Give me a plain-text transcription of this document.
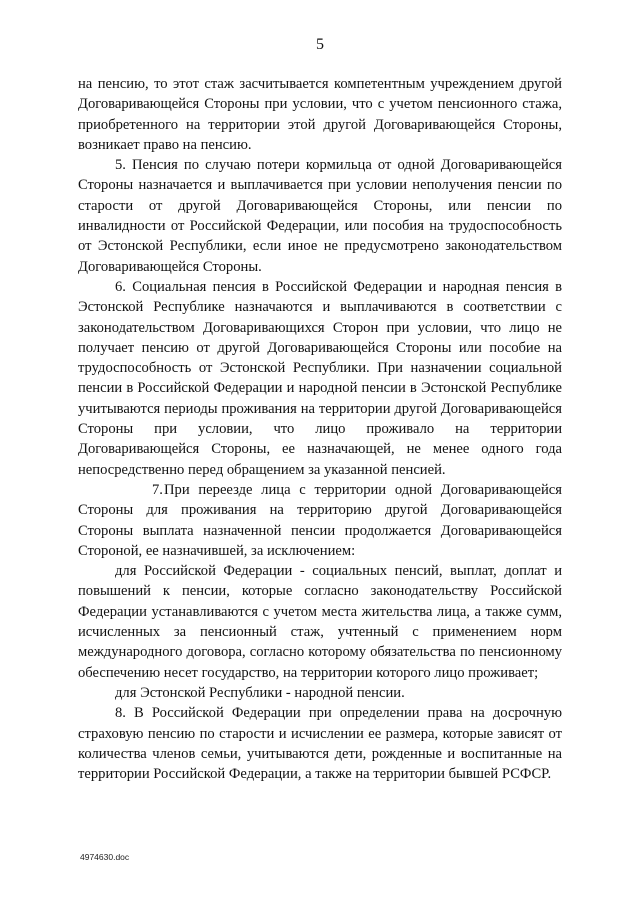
5

на пенсию, то этот стаж засчитывается компетентным учреждением другой Договаривающейся Стороны при условии, что с учетом пенсионного стажа, приобретенного на территории этой другой Договаривающейся Стороны, возникает право на пенсию.

5. Пенсия по случаю потери кормильца от одной Договаривающейся Стороны назначается и выплачивается при условии неполучения пенсии по старости от другой Договаривающейся Стороны, или пенсии по инвалидности от Российской Федерации, или пособия на трудоспособность от Эстонской Республики, если иное не предусмотрено законодательством Договаривающейся Стороны.

6. Социальная пенсия в Российской Федерации и народная пенсия в Эстонской Республике назначаются и выплачиваются в соответствии с законодательством Договаривающихся Сторон при условии, что лицо не получает пенсию от другой Договаривающейся Стороны или пособие на трудоспособность от Эстонской Республики. При назначении социальной пенсии в Российской Федерации и народной пенсии в Эстонской Республике учитываются периоды проживания на территории другой Договаривающейся Стороны при условии, что лицо проживало на территории Договаривающейся Стороны, ее назначающей, не менее одного года непосредственно перед обращением за указанной пенсией.

7.При переезде лица с территории одной Договаривающейся Стороны для проживания на территорию другой Договаривающейся Стороны выплата назначенной пенсии продолжается Договаривающейся Стороной, ее назначившей, за исключением:

для Российской Федерации - социальных пенсий, выплат, доплат и повышений к пенсии, которые согласно законодательству Российской Федерации устанавливаются с учетом места жительства лица, а также сумм, исчисленных за пенсионный стаж, учтенный с применением норм международного договора, согласно которому обязательства по пенсионному обеспечению несет государство, на территории которого лицо проживает;

для Эстонской Республики - народной пенсии.

8. В Российской Федерации при определении права на досрочную страховую пенсию по старости и исчислении ее размера, которые зависят от количества членов семьи, учитываются дети, рожденные и воспитанные на территории Российской Федерации, а также на территории бывшей РСФСР.

4974630.doc
